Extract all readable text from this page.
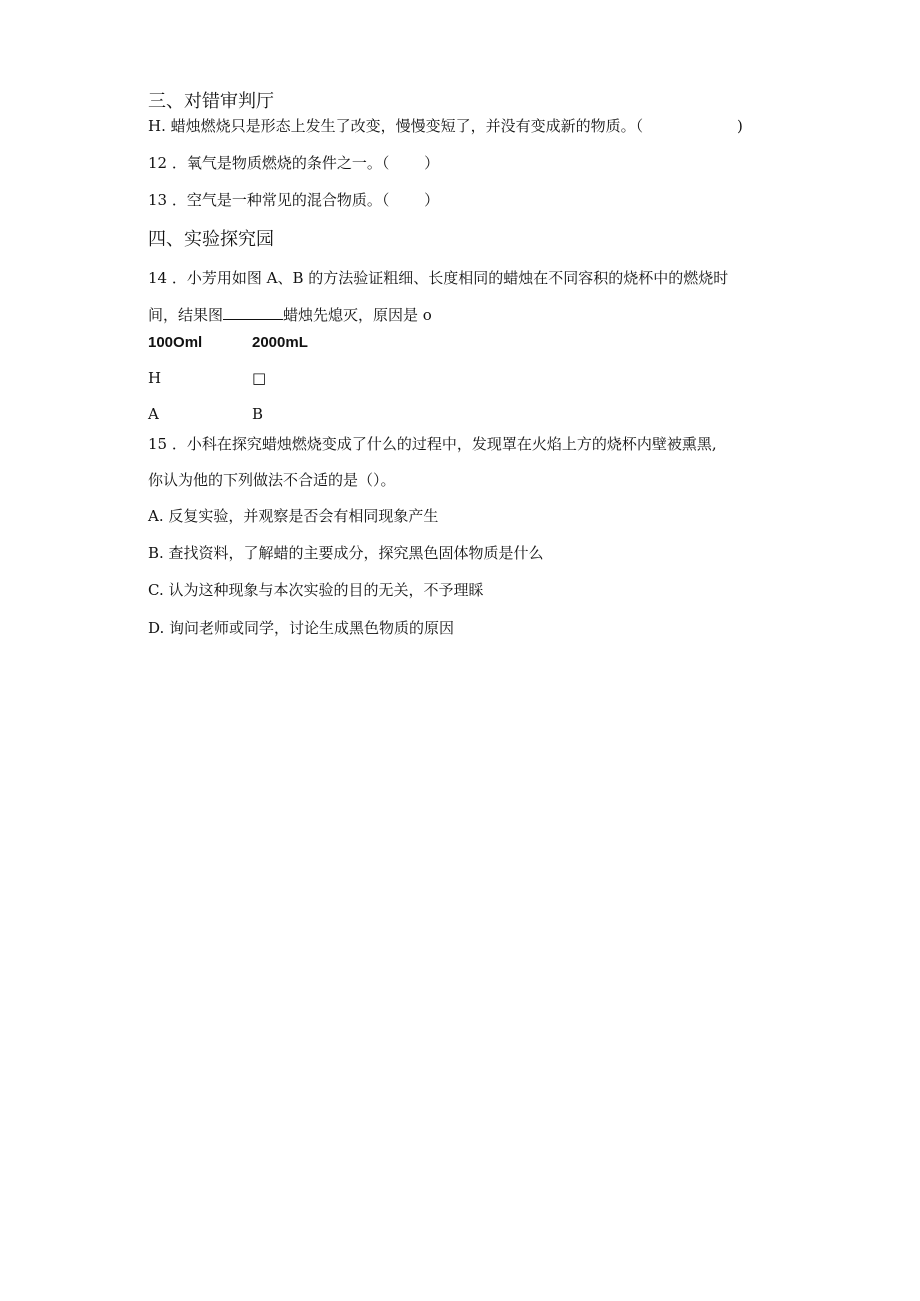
三、对错审判厅
H. 蜡烛燃烧只是形态上发生了改变，慢慢变短了，并没有变成新的物质。（	)
12 ．氧气是物质燃烧的条件之一。（　　 ）
13 ．空气是一种常见的混合物质。（　　 ）
四、实验探究园
14 ．小芳用如图 A、B 的方法验证粗细、长度相同的蜡烛在不同容积的烧杯中的燃烧时
间，结果图	蜡烛先熄灭，原因是 o
100Oml	2000mL
H	□
A	B
15 ．小科在探究蜡烛燃烧变成了什么的过程中，发现罩在火焰上方的烧杯内壁被熏黑,
你认为他的下列做法不合适的是（）。
A. 反复实验，并观察是否会有相同现象产生
B. 查找资料，了解蜡的主要成分，探究黑色固体物质是什么
C. 认为这种现象与本次实验的目的无关，不予理睬
D. 询问老师或同学，讨论生成黑色物质的原因
